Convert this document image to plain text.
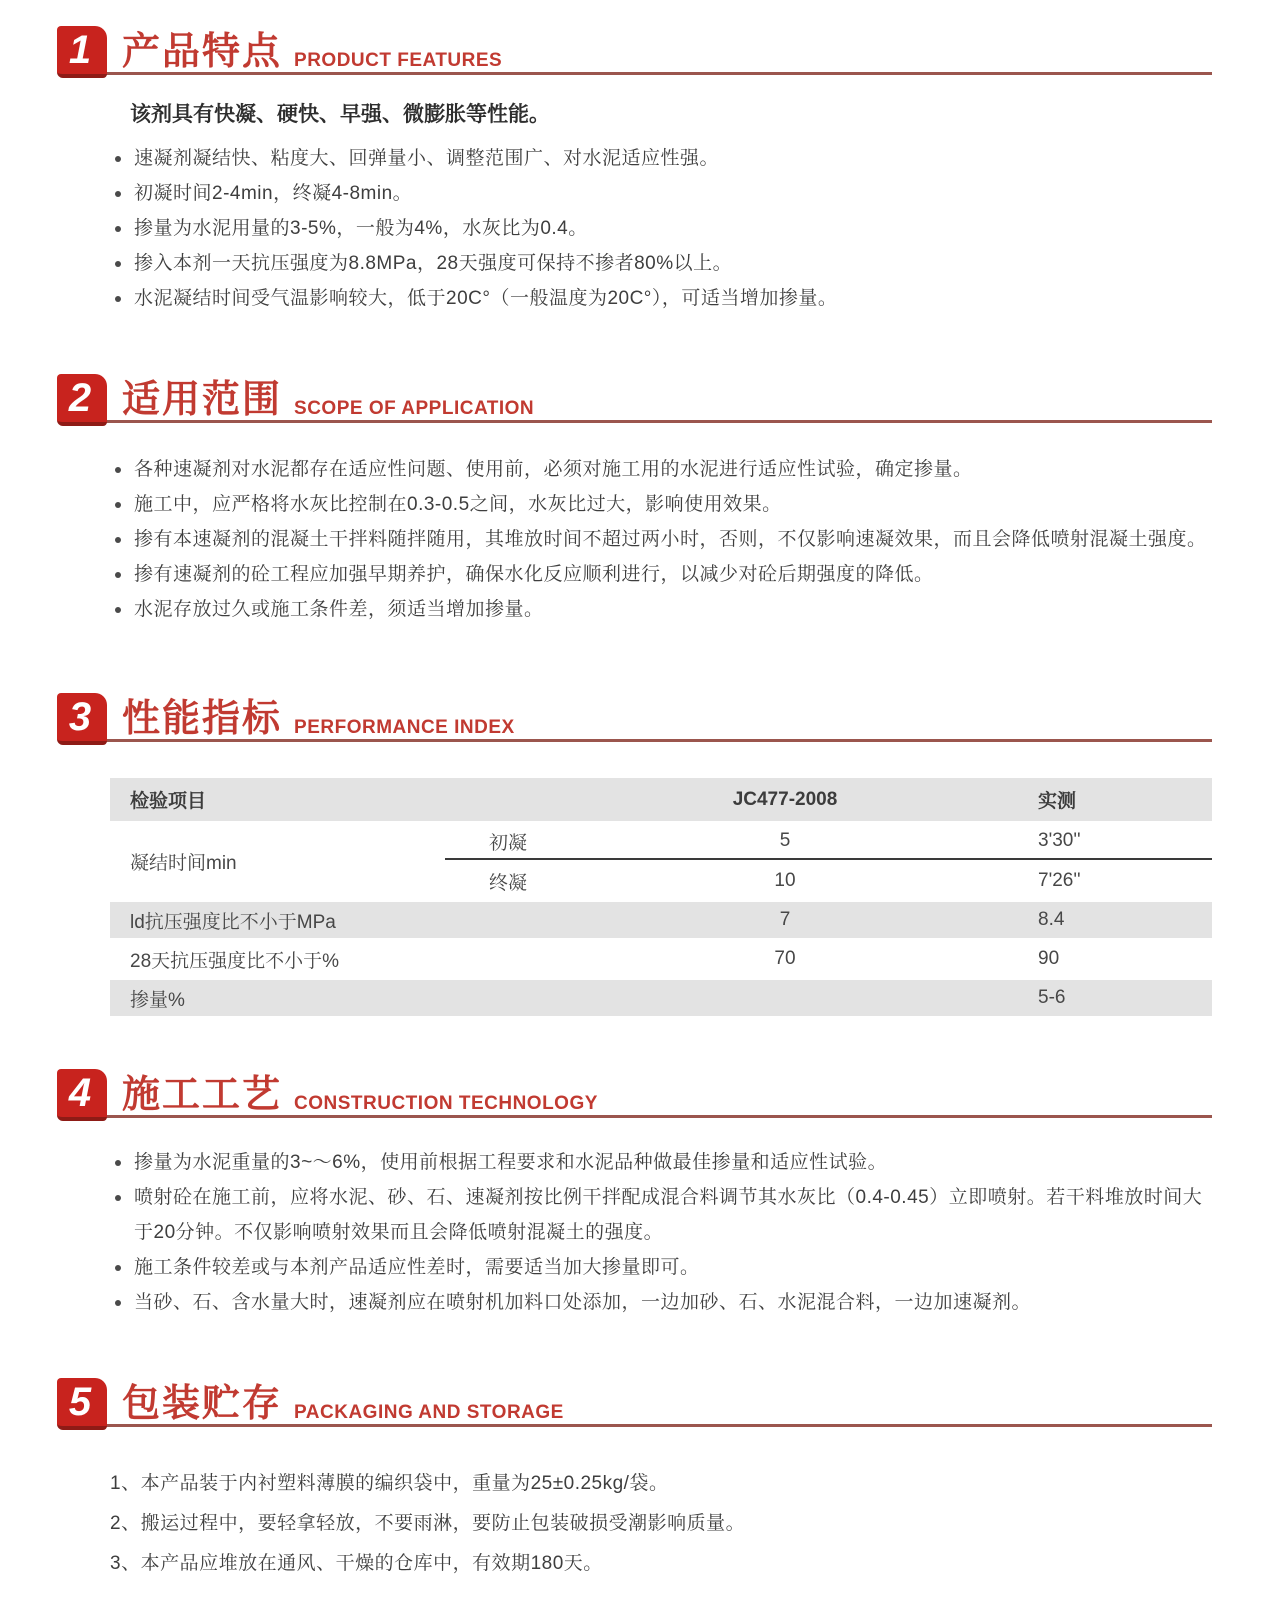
1 产品特点 PRODUCT FEATURES

该剂具有快凝、硬快、早强、微膨胀等性能。

速凝剂凝结快、粘度大、回弹量小、调整范围广、对水泥适应性强。
初凝时间2-4min，终凝4-8min。
掺量为水泥用量的3-5%，一般为4%，水灰比为0.4。
掺入本剂一天抗压强度为8.8MPa，28天强度可保持不掺者80%以上。
水泥凝结时间受气温影响较大，低于20C°（一般温度为20C°），可适当增加掺量。
2 适用范围 SCOPE OF APPLICATION
各种速凝剂对水泥都存在适应性问题、使用前，必须对施工用的水泥进行适应性试验，确定掺量。
施工中，应严格将水灰比控制在0.3-0.5之间，水灰比过大，影响使用效果。
掺有本速凝剂的混凝土干拌料随拌随用，其堆放时间不超过两小时，否则，不仅影响速凝效果，而且会降低喷射混凝土强度。
掺有速凝剂的砼工程应加强早期养护，确保水化反应顺利进行，以减少对砼后期强度的降低。
水泥存放过久或施工条件差，须适当增加掺量。
3 性能指标 PERFORMANCE INDEX
检验项目		JC477-2008	实测
凝结时间min	初凝	5	3'30''
	终凝	10	7'26''
ld抗压强度比不小于MPa		7	8.4
28天抗压强度比不小于%		70	90
掺量%			5-6
4 施工工艺 CONSTRUCTION TECHNOLOGY
掺量为水泥重量的3~～6%，使用前根据工程要求和水泥品种做最佳掺量和适应性试验。
喷射砼在施工前，应将水泥、砂、石、速凝剂按比例干拌配成混合料调节其水灰比（0.4-0.45）立即喷射。若干料堆放时间大于20分钟。不仅影响喷射效果而且会降低喷射混凝土的强度。
施工条件较差或与本剂产品适应性差时，需要适当加大掺量即可。
当砂、石、含水量大时，速凝剂应在喷射机加料口处添加，一边加砂、石、水泥混合料，一边加速凝剂。
5 包装贮存 PACKAGING AND STORAGE
1、本产品装于内衬塑料薄膜的编织袋中，重量为25±0.25kg/袋。
2、搬运过程中，要轻拿轻放，不要雨淋，要防止包装破损受潮影响质量。
3、本产品应堆放在通风、干燥的仓库中，有效期180天。
